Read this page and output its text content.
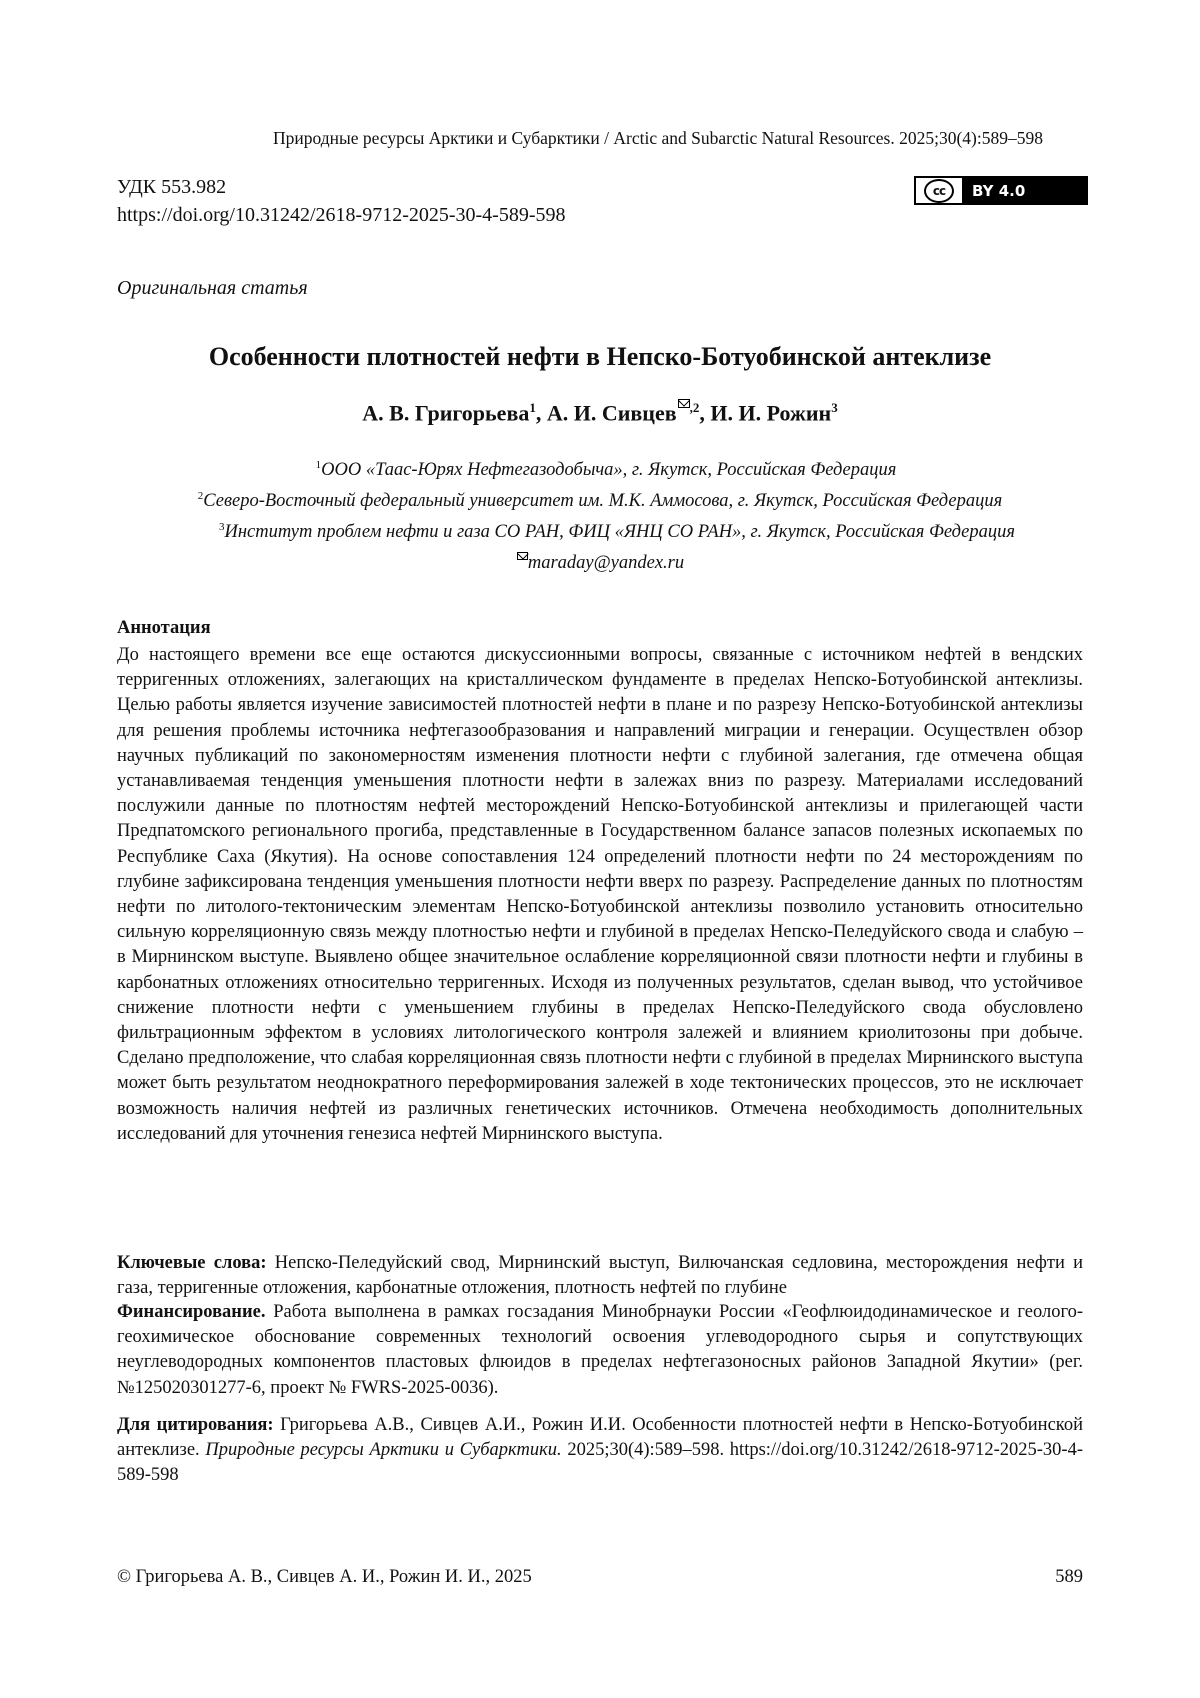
Природные ресурсы Арктики и Субарктики / Arctic and Subarctic Natural Resources. 2025;30(4):589–598
УДК 553.982
https://doi.org/10.31242/2618-9712-2025-30-4-589-598
cc	BY 4.0
Оригинальная статья
Особенности плотностей нефти в Непско-Ботуобинской антеклизе
А. В. Григорьева$^1$, А. И. Сивцев $^{,2}$, И. И. Рожин$^3$
$^1$ООО «Таас-Юрях Нефтегазодобыча», г. Якутск, Российская Федерация
$^2$Северо-Восточный федеральный университет им. М.К. Аммосова, г. Якутск, Российская Федерация
$^3$Институт проблем нефти и газа СО РАН, ФИЦ «ЯНЦ СО РАН», г. Якутск, Российская Федерация
maraday@yandex.ru
Аннотация
До настоящего времени все еще остаются дискуссионными вопросы, связанные с источником нефтей в вендских терригенных отложениях, залегающих на кристаллическом фундаменте в пределах Непско-Ботуобинской антеклизы. Целью работы является изучение зависимостей плотностей нефти в плане и по разрезу Непско-Ботуобинской антеклизы для решения проблемы источника нефтегазообразования и направлений миграции и генерации. Осуществлен обзор научных публикаций по закономерностям изменения плотности нефти с глубиной залегания, где отмечена общая устанавливаемая тенденция уменьшения плотности нефти в залежах вниз по разрезу. Материалами исследований послужили данные по плотностям нефтей месторождений Непско-Ботуобинской антеклизы и прилегающей части Предпатомского регионального прогиба, представленные в Государственном балансе запасов полезных ископаемых по Республике Саха (Якутия). На основе сопоставления 124 определений плотности нефти по 24 месторождениям по глубине зафиксирована тенденция уменьшения плотности нефти вверх по разрезу. Распределение данных по плотностям нефти по литолого-тектоническим элементам Непско-Ботуобинской антеклизы позволило установить относительно сильную корреляционную связь между плотностью нефти и глубиной в пределах Непско-Пеледуйского свода и слабую – в Мирнинском выступе. Выявлено общее значительное ослабление корреляционной связи плотности нефти и глубины в карбонатных отложениях относительно терригенных. Исходя из полученных результатов, сделан вывод, что устойчивое снижение плотности нефти с уменьшением глубины в пределах Непско-Пеледуйского свода обусловлено фильтрационным эффектом в условиях литологического контроля залежей и влиянием криолитозоны при добыче. Сделано предположение, что слабая корреляционная связь плотности нефти с глубиной в пределах Мирнинского выступа может быть результатом неоднократного переформирования залежей в ходе тектонических процессов, это не исключает возможность наличия нефтей из различных генетических источников. Отмечена необходимость дополнительных исследований для уточнения генезиса нефтей Мирнинского выступа.
Ключевые слова: Непско-Пеледуйский свод, Мирнинский выступ, Вилючанская седловина, месторождения нефти и газа, терригенные отложения, карбонатные отложения, плотность нефтей по глубине
Финансирование. Работа выполнена в рамках госзадания Минобрнауки России «Геофлюидодинамическое и геолого-геохимическое обоснование современных технологий освоения углеводородного сырья и сопутствующих неуглеводородных компонентов пластовых флюидов в пределах нефтегазоносных районов Западной Якутии» (рег. №125020301277-6, проект № FWRS-2025-0036).
Для цитирования: Григорьева А.В., Сивцев А.И., Рожин И.И. Особенности плотностей нефти в Непско-Ботуобинской антеклизе. Природные ресурсы Арктики и Субарктики. 2025;30(4):589–598. https://doi.org/10.31242/2618-9712-2025-30-4-589-598
© Григорьева А. В., Сивцев А. И., Рожин И. И., 2025	589
